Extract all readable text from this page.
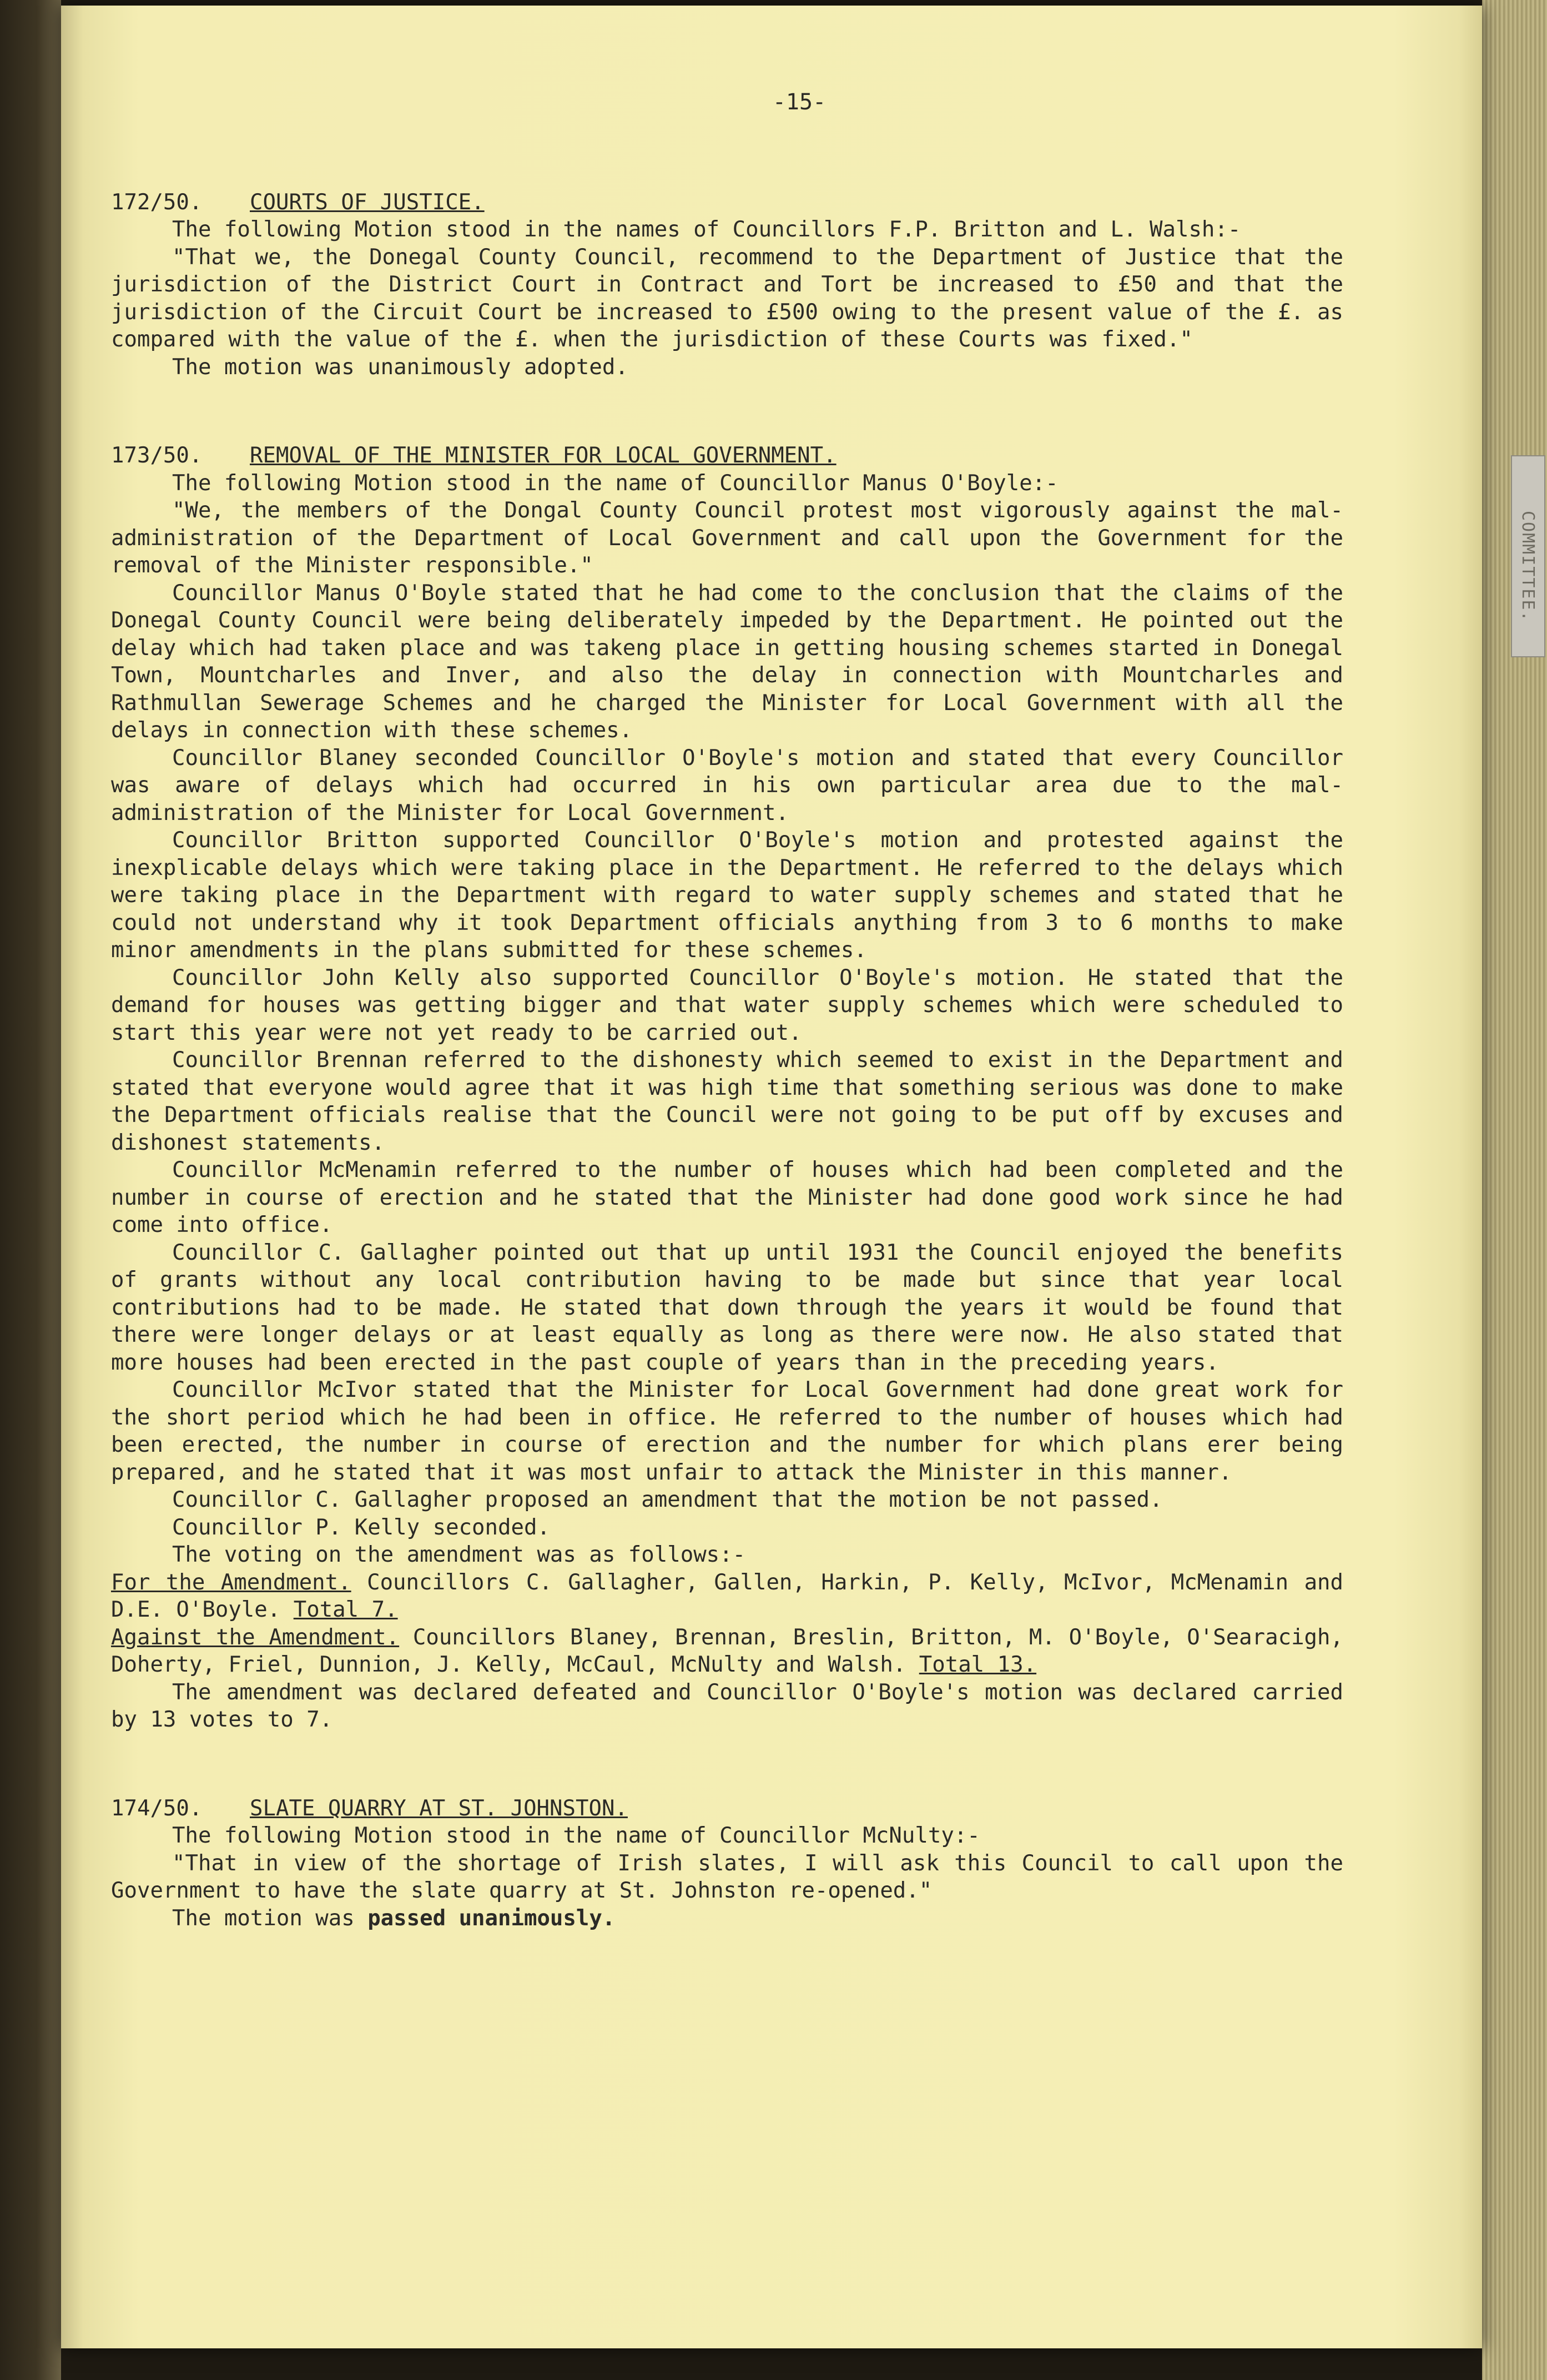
COMMITTEE.
-15-
172/50. COURTS OF JUSTICE.

The following Motion stood in the names of Councillors F.P. Britton and L. Walsh:-

"That we, the Donegal County Council, recommend to the Department of Justice that the jurisdiction of the District Court in Contract and Tort be increased to £50 and that the jurisdiction of the Circuit Court be increased to £500 owing to the present value of the £. as compared with the value of the £. when the jurisdiction of these Courts was fixed."

The motion was unanimously adopted.

173/50. REMOVAL OF THE MINISTER FOR LOCAL GOVERNMENT.

The following Motion stood in the name of Councillor Manus O'Boyle:-

"We, the members of the Dongal County Council protest most vigorously against the mal-administration of the Department of Local Government and call upon the Government for the removal of the Minister responsible."

Councillor Manus O'Boyle stated that he had come to the conclusion that the claims of the Donegal County Council were being deliberately impeded by the Department. He pointed out the delay which had taken place and was takeng place in getting housing schemes started in Donegal Town, Mountcharles and Inver, and also the delay in connection with Mountcharles and Rathmullan Sewerage Schemes and he charged the Minister for Local Government with all the delays in connection with these schemes.

Councillor Blaney seconded Councillor O'Boyle's motion and stated that every Councillor was aware of delays which had occurred in his own particular area due to the mal-administration of the Minister for Local Government.

Councillor Britton supported Councillor O'Boyle's motion and protested against the inexplicable delays which were taking place in the Department. He referred to the delays which were taking place in the Department with regard to water supply schemes and stated that he could not understand why it took Department officials anything from 3 to 6 months to make minor amendments in the plans submitted for these schemes.

Councillor John Kelly also supported Councillor O'Boyle's motion. He stated that the demand for houses was getting bigger and that water supply schemes which were scheduled to start this year were not yet ready to be carried out.

Councillor Brennan referred to the dishonesty which seemed to exist in the Department and stated that everyone would agree that it was high time that something serious was done to make the Department officials realise that the Council were not going to be put off by excuses and dishonest statements.

Councillor McMenamin referred to the number of houses which had been completed and the number in course of erection and he stated that the Minister had done good work since he had come into office.

Councillor C. Gallagher pointed out that up until 1931 the Council enjoyed the benefits of grants without any local contribution having to be made but since that year local contributions had to be made. He stated that down through the years it would be found that there were longer delays or at least equally as long as there were now. He also stated that more houses had been erected in the past couple of years than in the preceding years.

Councillor McIvor stated that the Minister for Local Government had done great work for the short period which he had been in office. He referred to the number of houses which had been erected, the number in course of erection and the number for which plans erer being prepared, and he stated that it was most unfair to attack the Minister in this manner.

Councillor C. Gallagher proposed an amendment that the motion be not passed.

Councillor P. Kelly seconded.

The voting on the amendment was as follows:-

For the Amendment. Councillors C. Gallagher, Gallen, Harkin, P. Kelly, McIvor, McMenamin and D.E. O'Boyle. Total 7.

Against the Amendment. Councillors Blaney, Brennan, Breslin, Britton, M. O'Boyle, O'Searacigh, Doherty, Friel, Dunnion, J. Kelly, McCaul, McNulty and Walsh. Total 13.

The amendment was declared defeated and Councillor O'Boyle's motion was declared carried by 13 votes to 7.

174/50. SLATE QUARRY AT ST. JOHNSTON.

The following Motion stood in the name of Councillor McNulty:-

"That in view of the shortage of Irish slates, I will ask this Council to call upon the Government to have the slate quarry at St. Johnston re-opened."

The motion was passed unanimously.
